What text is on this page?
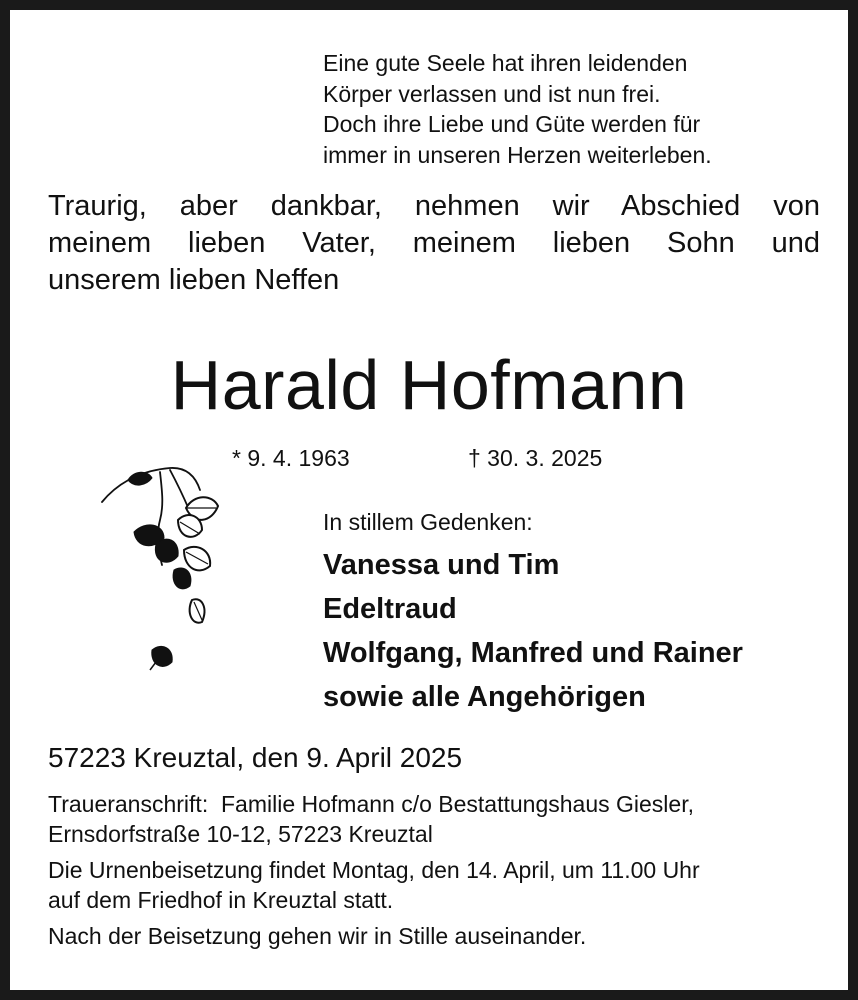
Eine gute Seele hat ihren leidenden
Körper verlassen und ist nun frei.
Doch ihre Liebe und Güte werden für
immer in unseren Herzen weiterleben.
Traurig, aber dankbar, nehmen wir Abschied von
meinem lieben Vater, meinem lieben Sohn und
unserem lieben Neffen
Harald Hofmann
* 9. 4. 1963	† 30. 3. 2025
In stillem Gedenken:
Vanessa und Tim
Edeltraud
Wolfgang, Manfred und Rainer
sowie alle Angehörigen
57223 Kreuztal, den 9. April 2025
Traueranschrift:  Familie Hofmann c/o Bestattungshaus Giesler,
Ernsdorfstraße 10-12, 57223 Kreuztal
Die Urnenbeisetzung findet Montag, den 14. April, um 11.00 Uhr
auf dem Friedhof in Kreuztal statt.
Nach der Beisetzung gehen wir in Stille auseinander.
